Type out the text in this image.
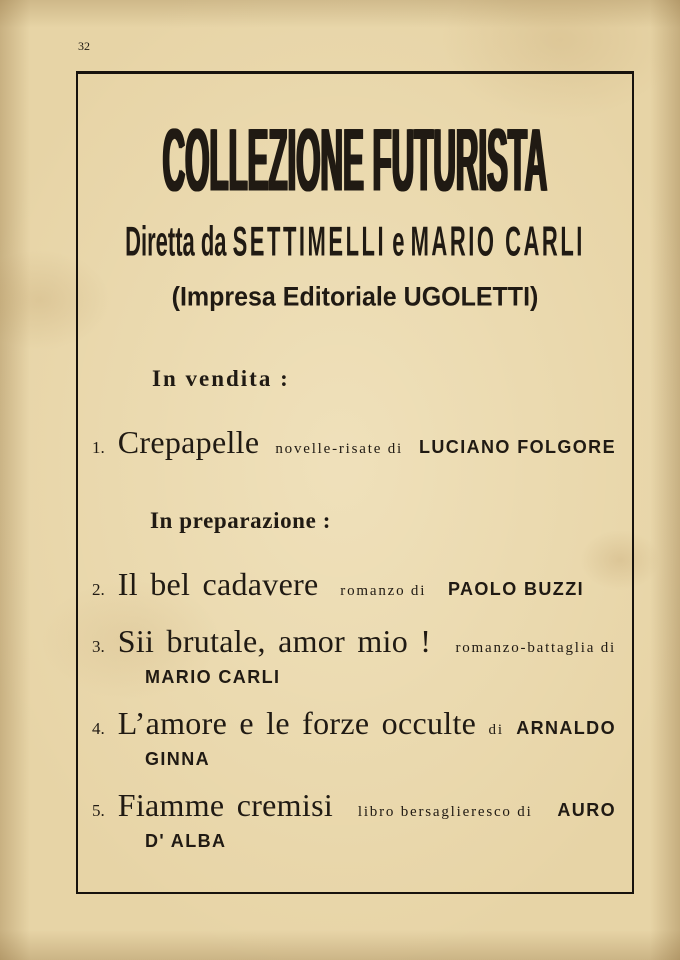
32
COLLEZIONE FUTURISTA
Diretta da SETTIMELLI e MARIO CARLI
(Impresa Editoriale UGOLETTI)
In vendita :
1. Crepapelle novelle-risate di LUCIANO FOLGORE
In preparazione :
2. Il bel cadavere romanzo di PAOLO BUZZI
3. Sii brutale, amor mio ! romanzo-battaglia di
MARIO CARLI
4. L’amore e le forze occulte di ARNALDO
GINNA
5. Fiamme cremisi libro bersaglieresco di AURO
D' ALBA
